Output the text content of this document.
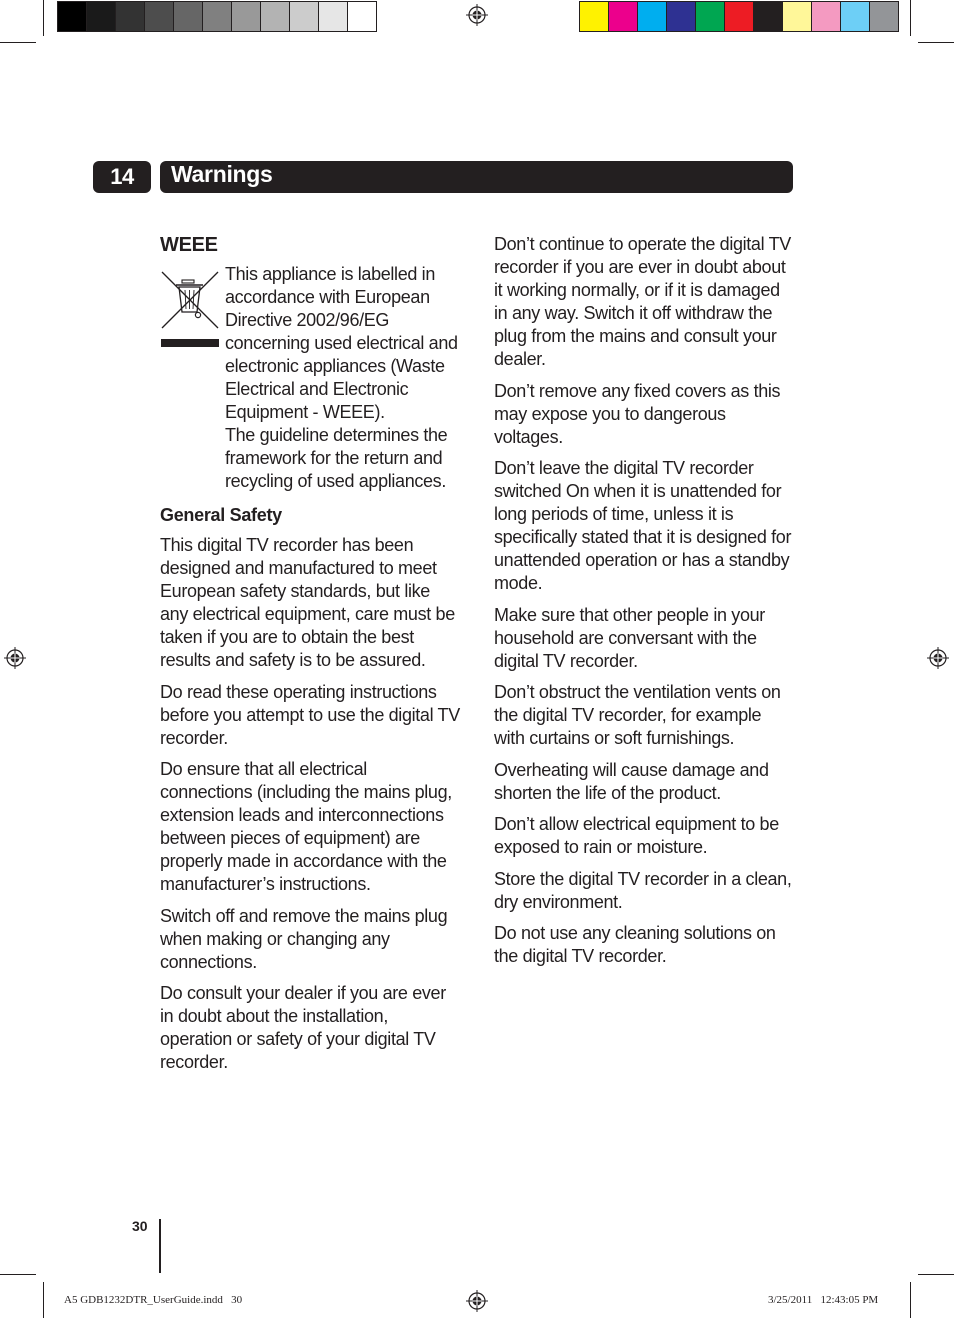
14	Warnings
WEEE
This appliance is labelled in accordance with European Directive 2002/96/EG concerning used electrical and electronic appliances (Waste Electrical and Electronic Equipment - WEEE).
The guideline determines the framework for the return and recycling of used appliances.
General Safety

This digital TV recorder has been designed and manufactured to meet European safety standards, but like any electrical equipment, care must be taken if you are to obtain the best results and safety is to be assured.

Do read these operating instructions before you attempt to use the digital TV recorder.

Do ensure that all electrical connections (including the mains plug, extension leads and interconnections between pieces of equipment) are properly made in accordance with the manufacturer’s instructions.

Switch off and remove the mains plug when making or changing any connections.

Do consult your dealer if you are ever in doubt about the installation, operation or safety of your digital TV recorder.

Don’t continue to operate the digital TV recorder if you are ever in doubt about it working normally, or if it is damaged in any way. Switch it off withdraw the plug from the mains and consult your dealer.

Don’t remove any fixed covers as this may expose you to dangerous voltages.

Don’t leave the digital TV recorder switched On when it is unattended for long periods of time, unless it is specifically stated that it is designed for unattended operation or has a standby mode.

Make sure that other people in your household are conversant with the digital TV recorder.

Don’t obstruct the ventilation vents on the digital TV recorder, for example with curtains or soft furnishings.

Overheating will cause damage and shorten the life of the product.

Don’t allow electrical equipment to be exposed to rain or moisture.

Store the digital TV recorder in a clean, dry environment.

Do not use any cleaning solutions on the digital TV recorder.

30
A5 GDB1232DTR_UserGuide.indd   30	3/25/2011   12:43:05 PM
